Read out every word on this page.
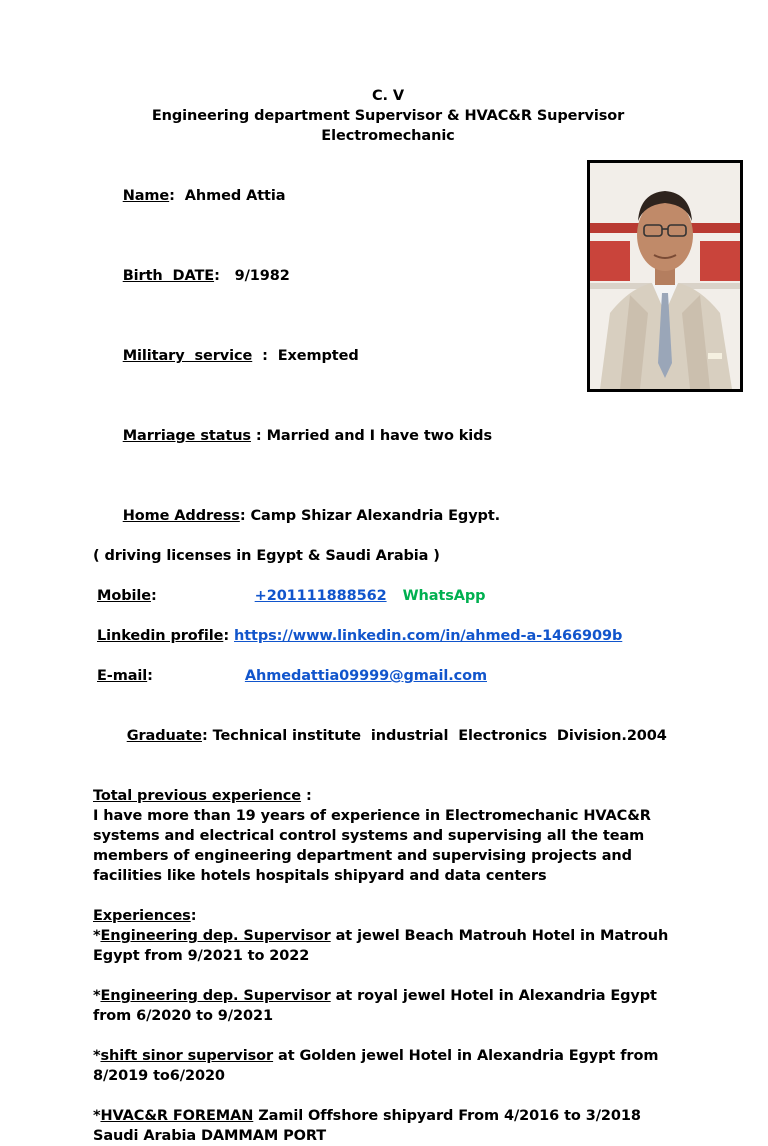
C. V
Engineering department Supervisor & HVAC&R Supervisor
Electromechanic

Name:  Ahmed Attia

Birth  DATE:   9/1982

Military  service  :  Exempted

Marriage status : Married and I have two kids

Home Address: Camp Shizar Alexandria Egypt.

( driving licenses in Egypt & Saudi Arabia )
Mobile :	+201111888562 WhatsApp
Linkedin profile: https://www.linkedin.com/in/ahmed-a-1466909b
E-mail :	Ahmedattia09999@gmail.com

Graduate: Technical institute  industrial  Electronics  Division.2004

Total previous experience :
I have more than 19 years of experience in Electromechanic HVAC&R systems and electrical control systems and supervising all the team members of engineering department and supervising projects and facilities like hotels hospitals shipyard and data centers
Experiences:
*Engineering dep. Supervisor at jewel Beach Matrouh Hotel in Matrouh Egypt from 9/2021 to 2022
*Engineering dep. Supervisor at royal jewel Hotel in Alexandria Egypt from 6/2020 to 9/2021
*shift sinor supervisor at Golden jewel Hotel in Alexandria Egypt from 8/2019 to6/2020
*HVAC&R FOREMAN Zamil Offshore shipyard From 4/2016 to 3/2018 Saudi Arabia DAMMAM PORT
